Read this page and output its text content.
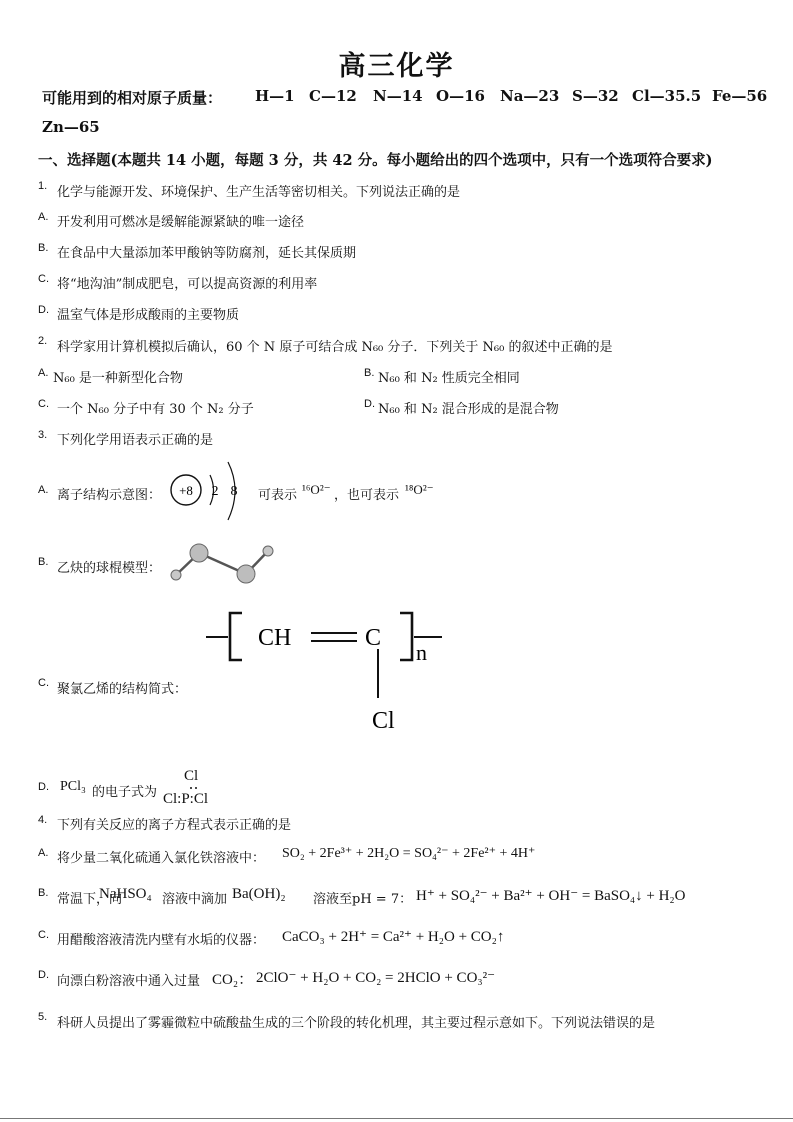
高三化学
可能用到的相对原子质量： H—1 C—12 N—14 O—16 Na—23 S—32 Cl—35.5 Fe—56
Zn—65
一、选择题(本题共 14 小题，每题 3 分，共 42 分。每小题给出的四个选项中，只有一个选项符合要求)
1. 化学与能源开发、环境保护、生产生活等密切相关。下列说法正确的是
A. 开发利用可燃冰是缓解能源紧缺的唯一途径
B. 在食品中大量添加苯甲酸钠等防腐剂，延长其保质期
C. 将“地沟油”制成肥皂，可以提高资源的利用率
D. 温室气体是形成酸雨的主要物质
2. 科学家用计算机模拟后确认，60 个 N 原子可结合成 N₆₀ 分子．下列关于 N₆₀ 的叙述中正确的是
A. N₆₀ 是一种新型化合物	B. N₆₀ 和 N₂ 性质完全相同
C. 一个 N₆₀ 分子中有 30 个 N₂ 分子	D. N₆₀ 和 N₂ 混合形成的是混合物
3. 下列化学用语表示正确的是
A. 离子结构示意图： +8 2 8 可表示 ¹⁶O²⁻ ，也可表示 ¹⁸O²⁻
B. 乙炔的球棍模型：
C. 聚氯乙烯的结构简式：
CH	C
n
Cl
D. PCl₃ 的电子式为
Cl
Cl:P:Cl
4. 下列有关反应的离子方程式表示正确的是
A. 将少量二氧化硫通入氯化铁溶液中： SO₂ + 2Fe³⁺ + 2H₂O = SO₄²⁻ + 2Fe²⁺ + 4H⁺
B. 常温下，向
NaHSO₄ 溶液中滴加 Ba(OH)₂ 溶液至pH = 7： H⁺ + SO₄²⁻ + Ba²⁺ + OH⁻ = BaSO₄↓ + H₂O
C. 用醋酸溶液清洗内壁有水垢的仪器： CaCO₃ + 2H⁺ = Ca²⁺ + H₂O + CO₂↑
D. 向漂白粉溶液中通入过量 CO₂： 2ClO⁻ + H₂O + CO₂ = 2HClO + CO₃²⁻
5. 科研人员提出了雾霾微粒中硫酸盐生成的三个阶段的转化机理，其主要过程示意如下。下列说法错误的是
